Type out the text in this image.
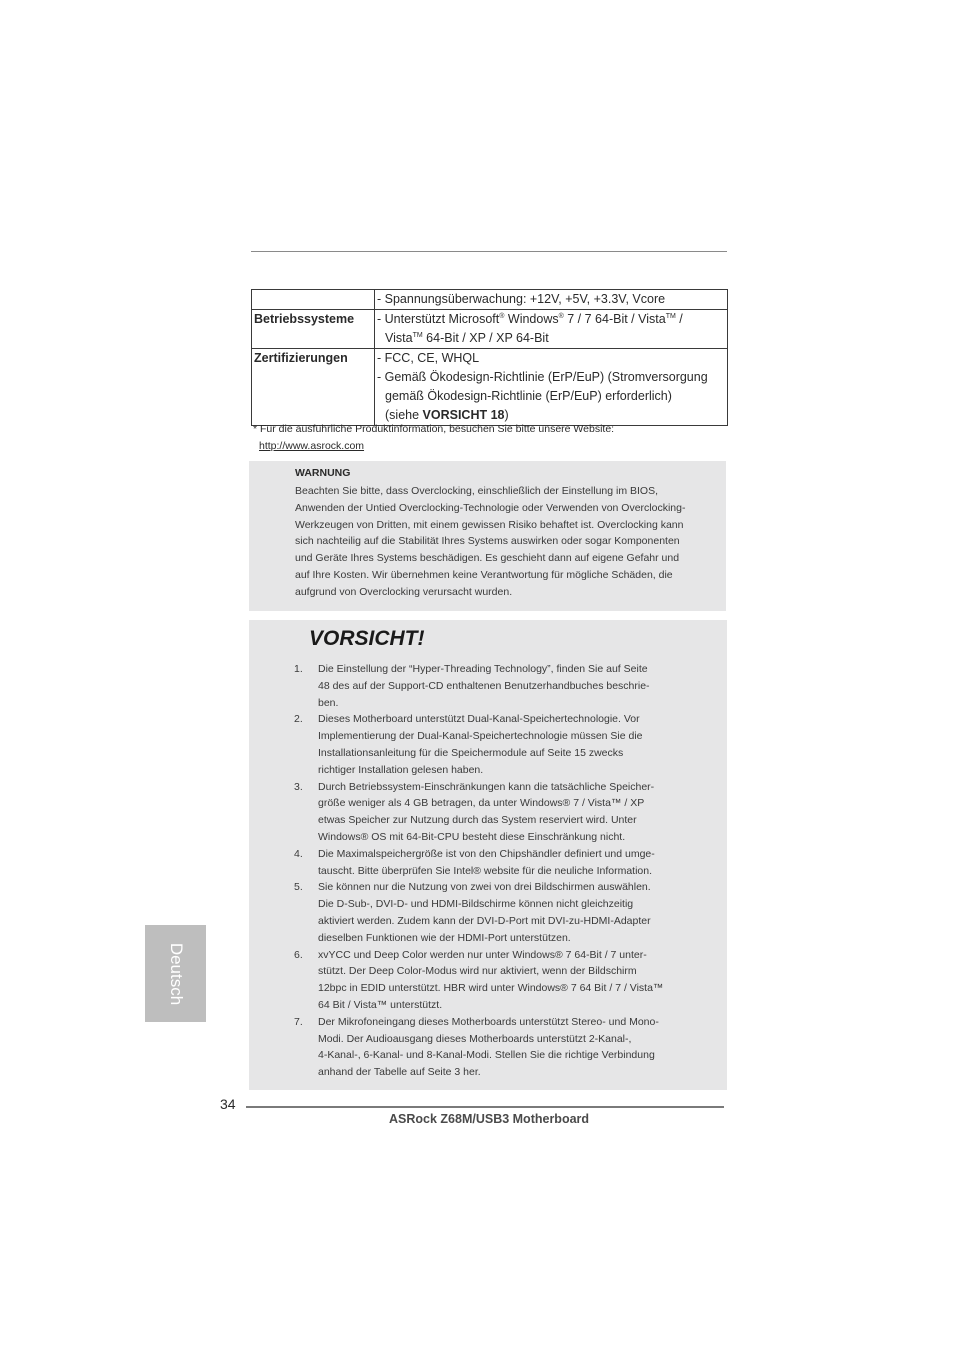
	- Spannungsüberwachung: +12V, +5V, +3.3V, Vcore
Betriebssysteme	- Unterstützt Microsoft® Windows® 7 / 7 64-Bit / Vista™ /
Vista™ 64-Bit / XP / XP 64-Bit

Zertifizierungen	- FCC, CE, WHQL
- Gemäß Ökodesign-Richtlinie (ErP/EuP) (Stromversorgung
gemäß Ökodesign-Richtlinie (ErP/EuP) erforderlich)
(siehe VORSICHT 18)
* Für die ausführliche Produktinformation, besuchen Sie bitte unsere Website:
http://www.asrock.com
WARNUNG
Beachten Sie bitte, dass Overclocking, einschließlich der Einstellung im BIOS,
Anwenden der Untied Overclocking-Technologie oder Verwenden von Overclocking-
Werkzeugen von Dritten, mit einem gewissen Risiko behaftet ist. Overclocking kann
sich nachteilig auf die Stabilität Ihres Systems auswirken oder sogar Komponenten
und Geräte Ihres Systems beschädigen. Es geschieht dann auf eigene Gefahr und
auf Ihre Kosten. Wir übernehmen keine Verantwortung für mögliche Schäden, die
aufgrund von Overclocking verursacht wurden.
VORSICHT!
1.	Die Einstellung der “Hyper-Threading Technology”, finden Sie auf Seite
48 des auf der Support-CD enthaltenen Benutzerhandbuches beschrie-
ben.
2.	Dieses Motherboard unterstützt Dual-Kanal-Speichertechnologie. Vor
Implementierung der Dual-Kanal-Speichertechnologie müssen Sie die
Installationsanleitung für die Speichermodule auf Seite 15 zwecks
richtiger Installation gelesen haben.
3.	Durch Betriebssystem-Einschränkungen kann die tatsächliche Speicher-
größe weniger als 4 GB betragen, da unter Windows® 7 / Vista™ / XP
etwas Speicher zur Nutzung durch das System reserviert wird. Unter
Windows® OS mit 64-Bit-CPU besteht diese Einschränkung nicht.
4.	Die Maximalspeichergröße ist von den Chipshändler definiert und umge-
tauscht. Bitte überprüfen Sie Intel® website für die neuliche Information.
5.	Sie können nur die Nutzung von zwei von drei Bildschirmen auswählen.
Die D-Sub-, DVI-D- und HDMI-Bildschirme können nicht gleichzeitig
aktiviert werden. Zudem kann der DVI-D-Port mit DVI-zu-HDMI-Adapter
dieselben Funktionen wie der HDMI-Port unterstützen.
6.	xvYCC und Deep Color werden nur unter Windows® 7 64-Bit / 7 unter-
stützt. Der Deep Color-Modus wird nur aktiviert, wenn der Bildschirm
12bpc in EDID unterstützt. HBR wird unter Windows® 7 64 Bit / 7 / Vista™
64 Bit / Vista™ unterstützt.
7.	Der Mikrofoneingang dieses Motherboards unterstützt Stereo- und Mono-
Modi. Der Audioausgang dieses Motherboards unterstützt 2-Kanal-,
4-Kanal-, 6-Kanal- und 8-Kanal-Modi. Stellen Sie die richtige Verbindung
anhand der Tabelle auf Seite 3 her.
Deutsch
34
ASRock Z68M/USB3 Motherboard
